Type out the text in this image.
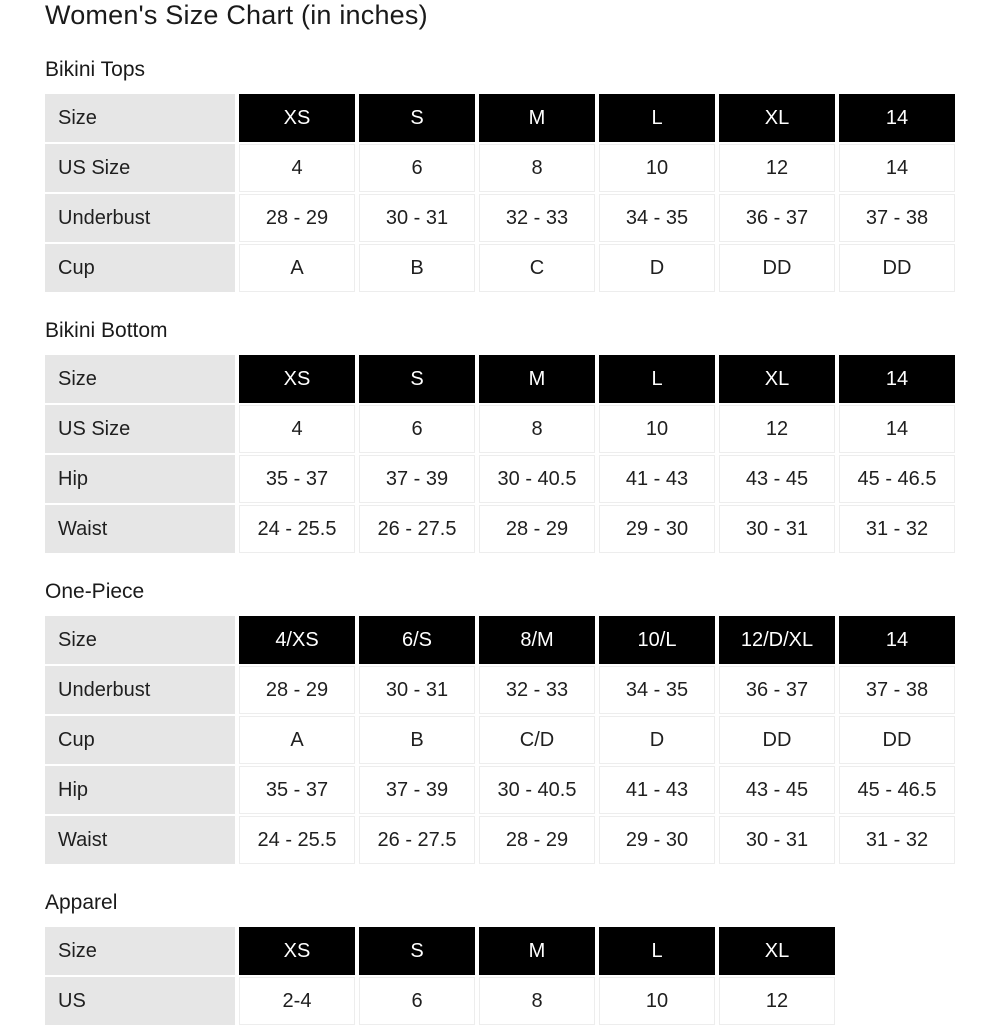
Women's Size Chart (in inches)
Bikini Tops
Size	XS	S	M	L	XL	14
US Size	4	6	8	10	12	14
Underbust	28 - 29	30 - 31	32 - 33	34 - 35	36 - 37	37 - 38
Cup	A	B	C	D	DD	DD
Bikini Bottom
Size	XS	S	M	L	XL	14
US Size	4	6	8	10	12	14
Hip	35 - 37	37 - 39	30 - 40.5	41 - 43	43 - 45	45 - 46.5
Waist	24 - 25.5	26 - 27.5	28 - 29	29 - 30	30 - 31	31 - 32
One-Piece
Size	4/XS	6/S	8/M	10/L	12/D/XL	14
Underbust	28 - 29	30 - 31	32 - 33	34 - 35	36 - 37	37 - 38
Cup	A	B	C/D	D	DD	DD
Hip	35 - 37	37 - 39	30 - 40.5	41 - 43	43 - 45	45 - 46.5
Waist	24 - 25.5	26 - 27.5	28 - 29	29 - 30	30 - 31	31 - 32
Apparel
Size	XS	S	M	L	XL
US	2-4	6	8	10	12
